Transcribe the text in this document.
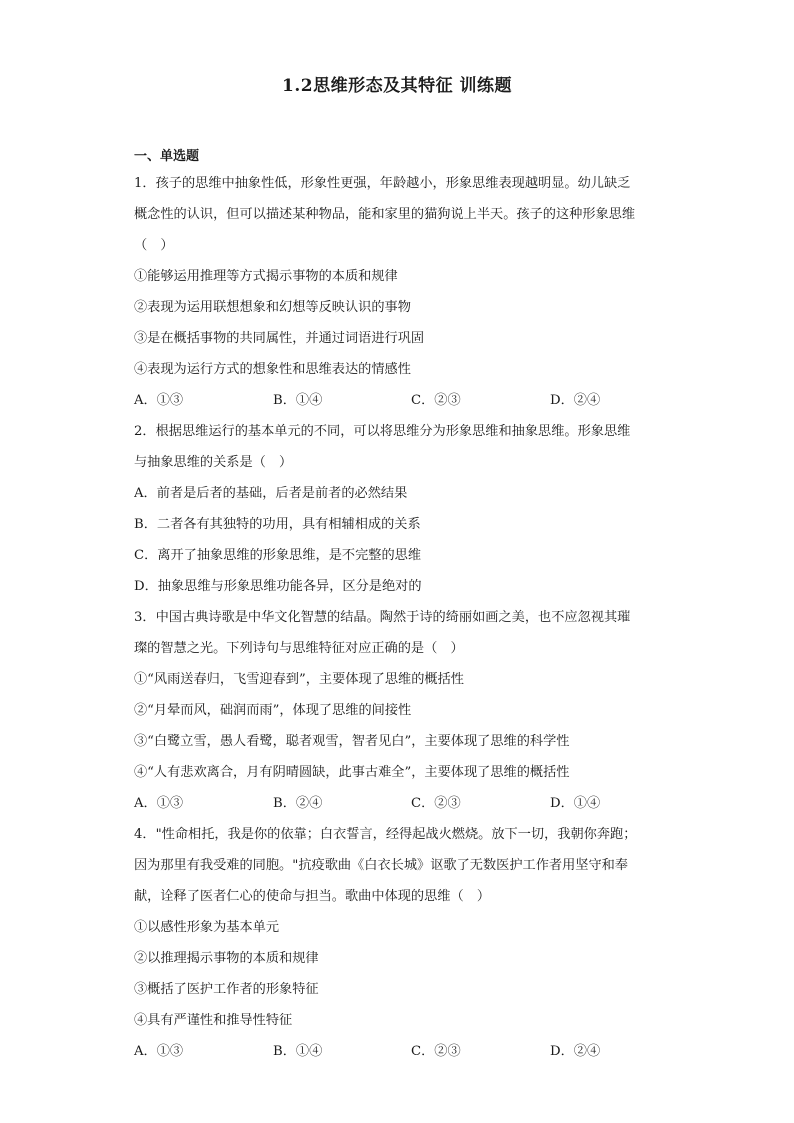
1.2思维形态及其特征 训练题
一、单选题
1．孩子的思维中抽象性低，形象性更强，年龄越小，形象思维表现越明显。幼儿缺乏
概念性的认识，但可以描述某种物品，能和家里的猫狗说上半天。孩子的这种形象思维
（　）
①能够运用推理等方式揭示事物的本质和规律
②表现为运用联想想象和幻想等反映认识的事物
③是在概括事物的共同属性，并通过词语进行巩固
④表现为运行方式的想象性和思维表达的情感性
A．①③	B．①④	C．②③	D．②④
2．根据思维运行的基本单元的不同，可以将思维分为形象思维和抽象思维。形象思维
与抽象思维的关系是（　）
A．前者是后者的基础，后者是前者的必然结果
B．二者各有其独特的功用，具有相辅相成的关系
C．离开了抽象思维的形象思维，是不完整的思维
D．抽象思维与形象思维功能各异，区分是绝对的
3．中国古典诗歌是中华文化智慧的结晶。陶然于诗的绮丽如画之美，也不应忽视其璀
璨的智慧之光。下列诗句与思维特征对应正确的是（　）
①“风雨送春归，飞雪迎春到”，主要体现了思维的概括性
②“月晕而风，础润而雨”，体现了思维的间接性
③“白鹭立雪，愚人看鹭，聪者观雪，智者见白”，主要体现了思维的科学性
④“人有悲欢离合，月有阴晴圆缺，此事古难全”，主要体现了思维的概括性
A．①③	B．②④	C．②③	D．①④
4．"性命相托，我是你的依靠；白衣誓言，经得起战火燃烧。放下一切，我朝你奔跑；
因为那里有我受难的同胞。"抗疫歌曲《白衣长城》讴歌了无数医护工作者用坚守和奉
献，诠释了医者仁心的使命与担当。歌曲中体现的思维（　）
①以感性形象为基本单元
②以推理揭示事物的本质和规律
③概括了医护工作者的形象特征
④具有严谨性和推导性特征
A．①③	B．①④	C．②③	D．②④
